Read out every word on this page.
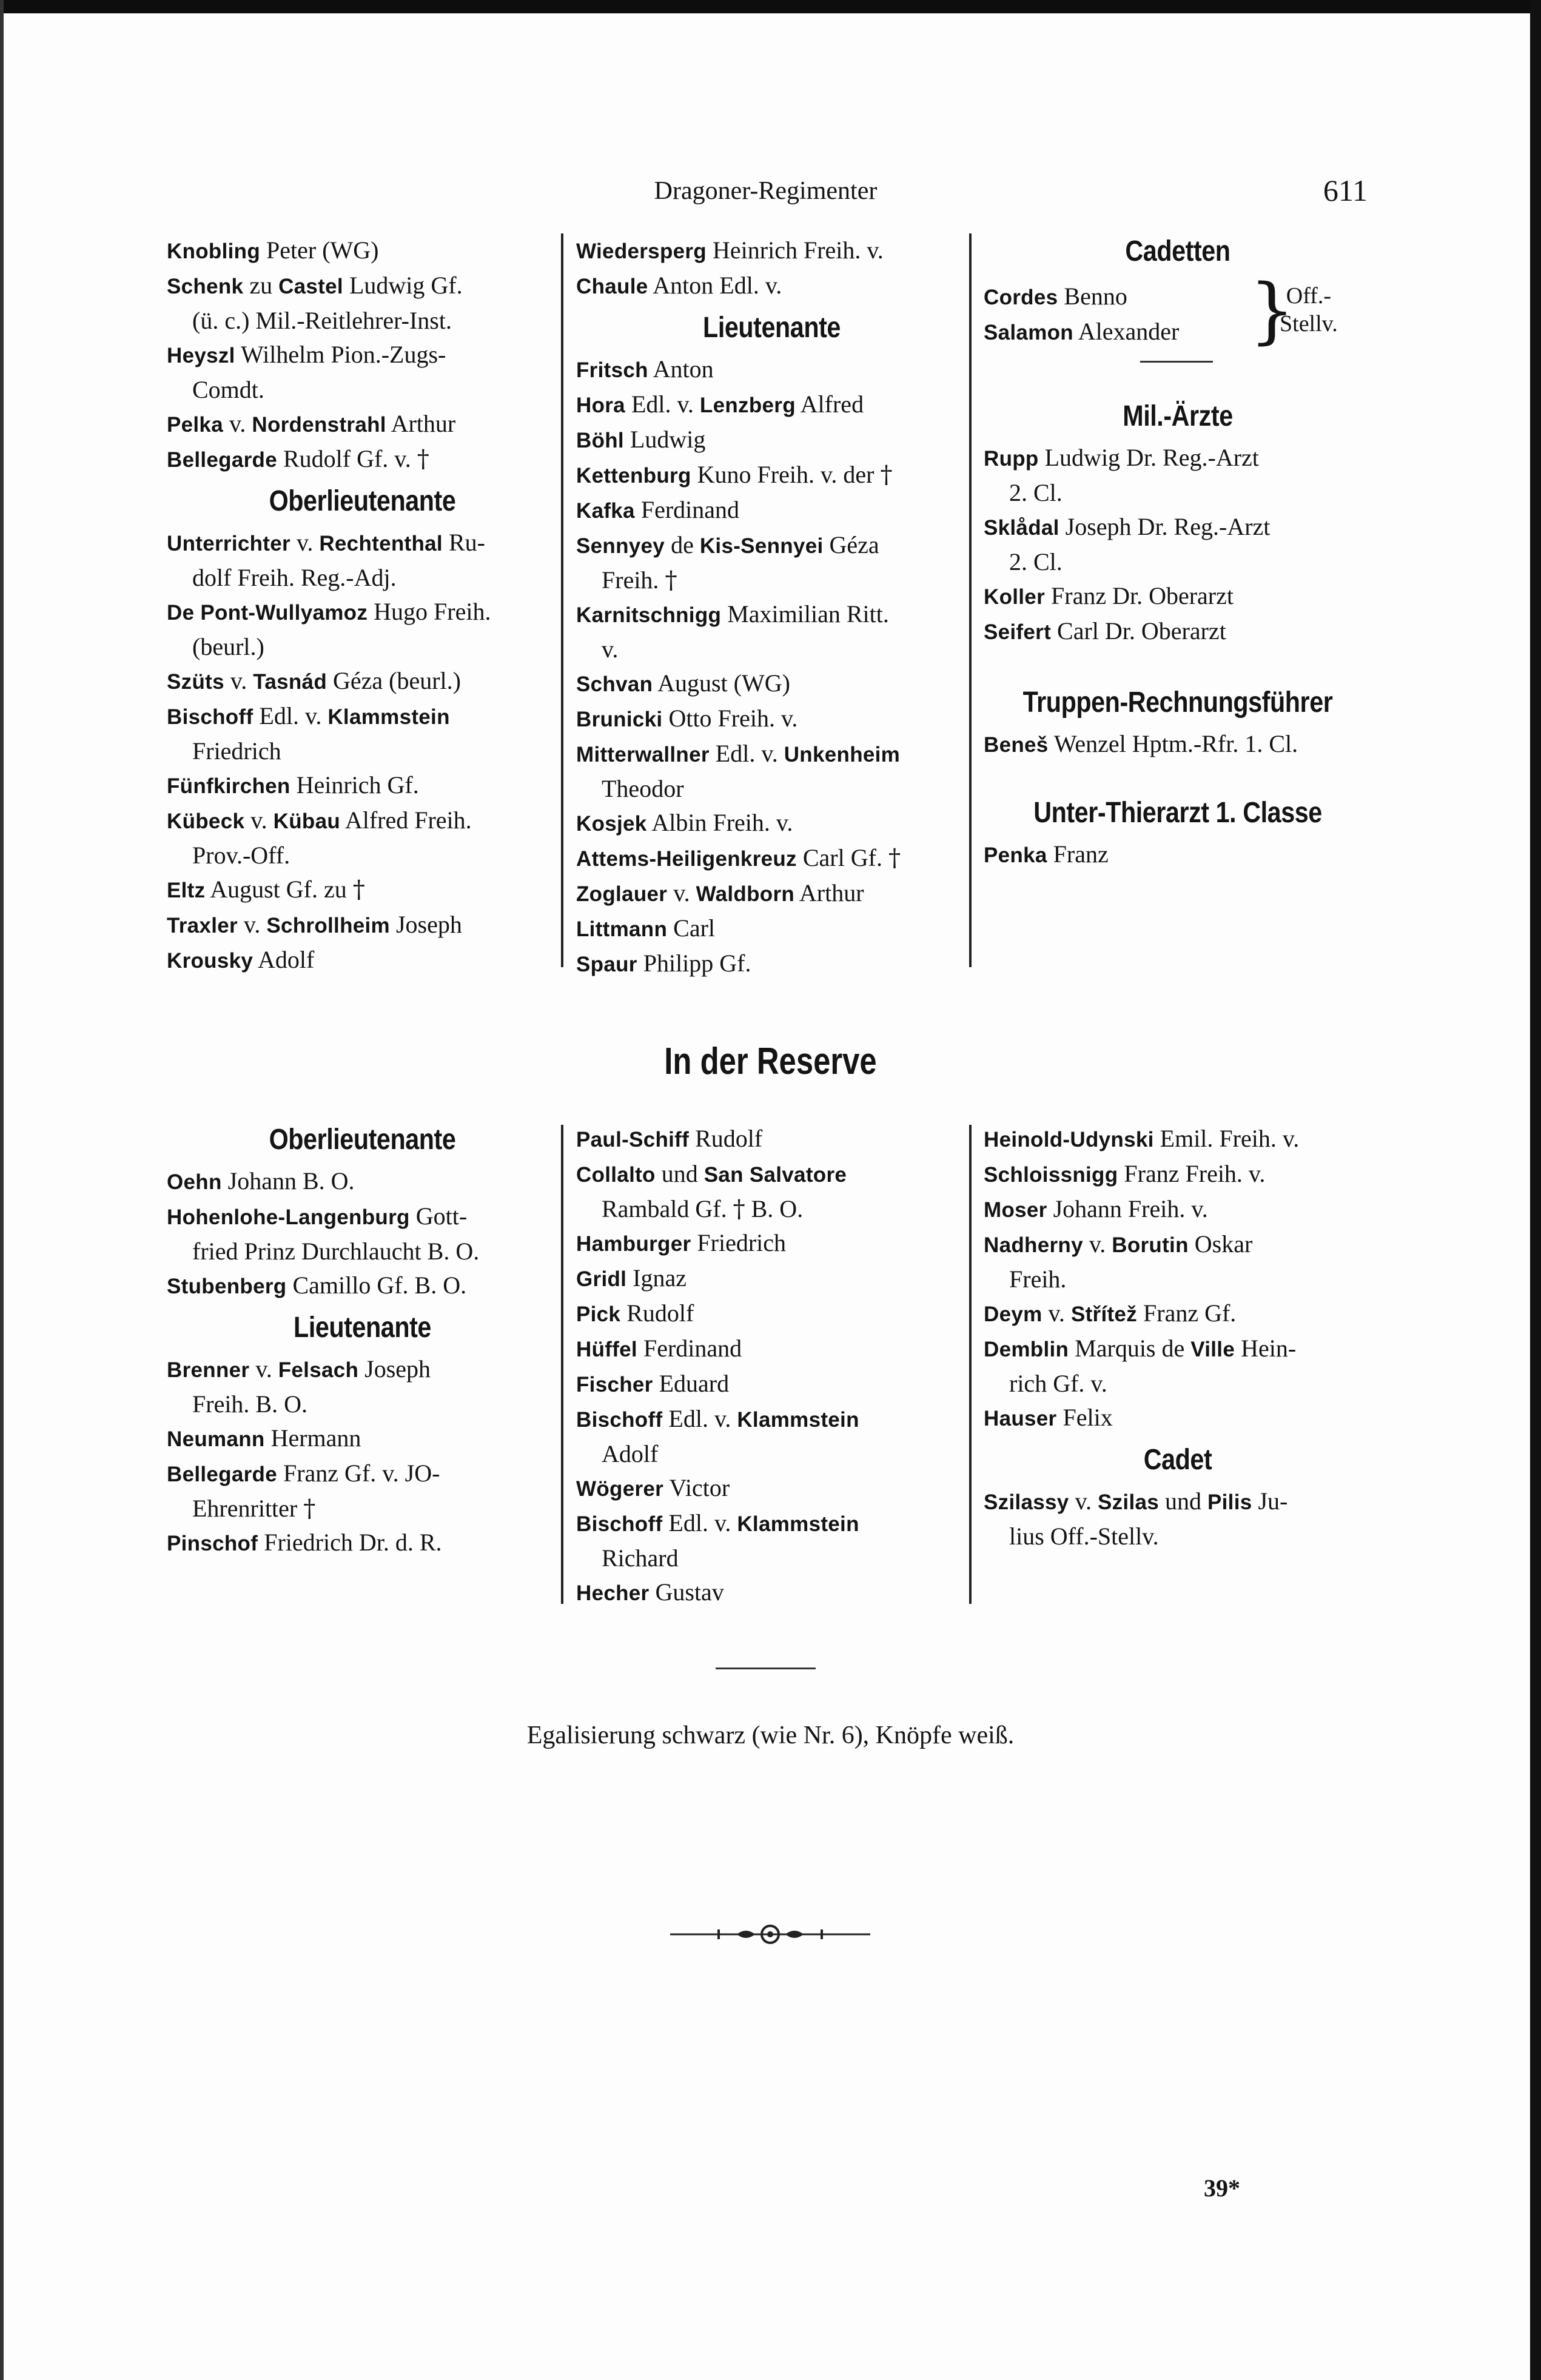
Dragoner-Regimenter	611

Knobling Peter (WG)

Schenk zu Castel Ludwig Gf.
(ü. c.) Mil.-Reitlehrer-Inst.

Heyszl Wilhelm Pion.-Zugs-
Comdt.

Pelka v. Nordenstrahl Arthur

Bellegarde Rudolf Gf. v. †

Oberlieutenante

Unterrichter v. Rechtenthal Ru-
dolf Freih. Reg.-Adj.

De Pont-Wullyamoz Hugo Freih.
(beurl.)

Szüts v. Tasnád Géza (beurl.)

Bischoff Edl. v. Klammstein
Friedrich

Fünfkirchen Heinrich Gf.

Kübeck v. Kübau Alfred Freih.
Prov.-Off.

Eltz August Gf. zu †

Traxler v. Schrollheim Joseph

Krousky Adolf

Wiedersperg Heinrich Freih. v.

Chaule Anton Edl. v.

Lieutenante

Fritsch Anton

Hora Edl. v. Lenzberg Alfred

Böhl Ludwig

Kettenburg Kuno Freih. v. der †

Kafka Ferdinand

Sennyey de Kis-Sennyei Géza
Freih. †

Karnitschnigg Maximilian Ritt.
v.

Schvan August (WG)

Brunicki Otto Freih. v.

Mitterwallner Edl. v. Unkenheim
Theodor

Kosjek Albin Freih. v.

Attems-Heiligenkreuz Carl Gf. †

Zoglauer v. Waldborn Arthur

Littmann Carl

Spaur Philipp Gf.

Cadetten

Cordes Benno

Salamon Alexander }
Off.-
Stellv.

Mil.-Ärzte

Rupp Ludwig Dr. Reg.-Arzt
2. Cl.

Sklådal Joseph Dr. Reg.-Arzt
2. Cl.

Koller Franz Dr. Oberarzt

Seifert Carl Dr. Oberarzt

Truppen-Rechnungsführer

Beneš Wenzel Hptm.-Rfr. 1. Cl.

Unter-Thierarzt 1. Classe

Penka Franz

In der Reserve

Oberlieutenante

Oehn Johann B. O.

Hohenlohe-Langenburg Gott-
fried Prinz Durchlaucht B. O.

Stubenberg Camillo Gf. B. O.

Lieutenante

Brenner v. Felsach Joseph
Freih. B. O.

Neumann Hermann

Bellegarde Franz Gf. v. JO-
Ehrenritter †

Pinschof Friedrich Dr. d. R.

Paul-Schiff Rudolf

Collalto und San Salvatore
Rambald Gf. † B. O.

Hamburger Friedrich

Gridl Ignaz

Pick Rudolf

Hüffel Ferdinand

Fischer Eduard

Bischoff Edl. v. Klammstein
Adolf

Wögerer Victor

Bischoff Edl. v. Klammstein
Richard

Hecher Gustav

Heinold-Udynski Emil. Freih. v.

Schloissnigg Franz Freih. v.

Moser Johann Freih. v.

Nadherny v. Borutin Oskar
Freih.

Deym v. Střítež Franz Gf.

Demblin Marquis de Ville Hein-
rich Gf. v.

Hauser Felix

Cadet

Szilassy v. Szilas und Pilis Ju-
lius Off.-Stellv.

Egalisierung schwarz (wie Nr. 6), Knöpfe weiß.
39*
